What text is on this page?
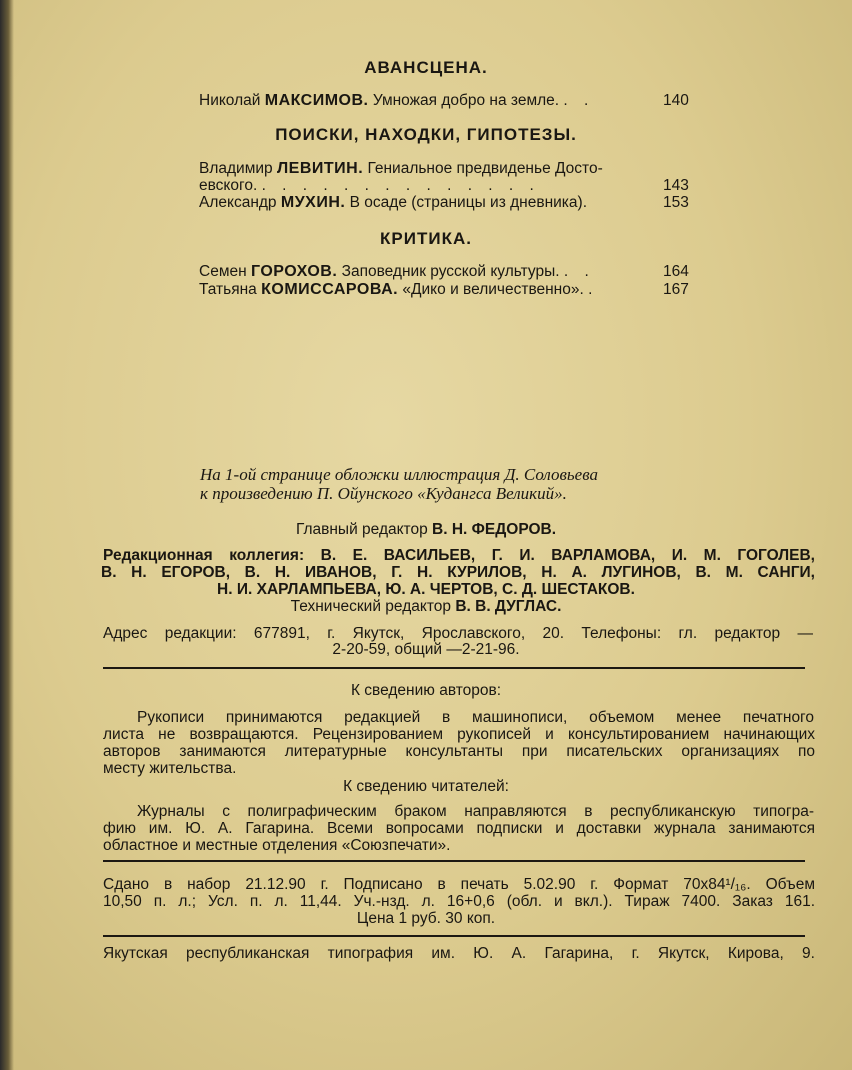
АВАНСЦЕНА.
Николай МАКСИМОВ. Умножая добро на земле. . .	140
ПОИСКИ, НАХОДКИ, ГИПОТЕЗЫ.
Владимир ЛЕВИТИН. Гениальное предвиденье Досто-
евского. . . . . . . . . . . . . . .	143
Александр МУХИН. В осаде (страницы из дневника).	153
КРИТИКА.
Семен ГОРОХОВ. Заповедник русской культуры. . .	164
Татьяна КОМИССАРОВА. «Дико и величественно». .	167
На 1-ой странице обложки иллюстрация Д. Соловьева
к произведению П. Ойунского «Кудангса Великий».
Главный редактор В. Н. ФЕДОРОВ.
Редакционная коллегия: В. Е. ВАСИЛЬЕВ, Г. И. ВАРЛАМОВА, И. М. ГОГОЛЕВ,
В. Н. ЕГОРОВ, В. Н. ИВАНОВ, Г. Н. КУРИЛОВ, Н. А. ЛУГИНОВ, В. М. САНГИ,
Н. И. ХАРЛАМПЬЕВА, Ю. А. ЧЕРТОВ, С. Д. ШЕСТАКОВ.
Технический редактор В. В. ДУГЛАС.
Адрес редакции: 677891, г. Якутск, Ярославского, 20. Телефоны: гл. редактор —
2-20-59, общий —2-21-96.
К сведению авторов:
Рукописи принимаются редакцией в машинописи, объемом менее печатного
листа не возвращаются. Рецензированием рукописей и консультированием начинающих
авторов занимаются литературные консультанты при писательских организациях по
месту жительства.
К сведению читателей:
Журналы с полиграфическим браком направляются в республиканскую типогра-
фию им. Ю. А. Гагарина. Всеми вопросами подписки и доставки журнала занимаются
областное и местные отделения «Союзпечати».
Сдано в набор 21.12.90 г. Подписано в печать 5.02.90 г. Формат 70х84¹/₁₆. Объем
10,50 п. л.; Усл. п. л. 11,44. Уч.-нзд. л. 16+0,6 (обл. и вкл.). Тираж 7400. Заказ 161.
Цена 1 руб. 30 коп.
Якутская республиканская типография им. Ю. А. Гагарина, г. Якутск, Кирова, 9.
